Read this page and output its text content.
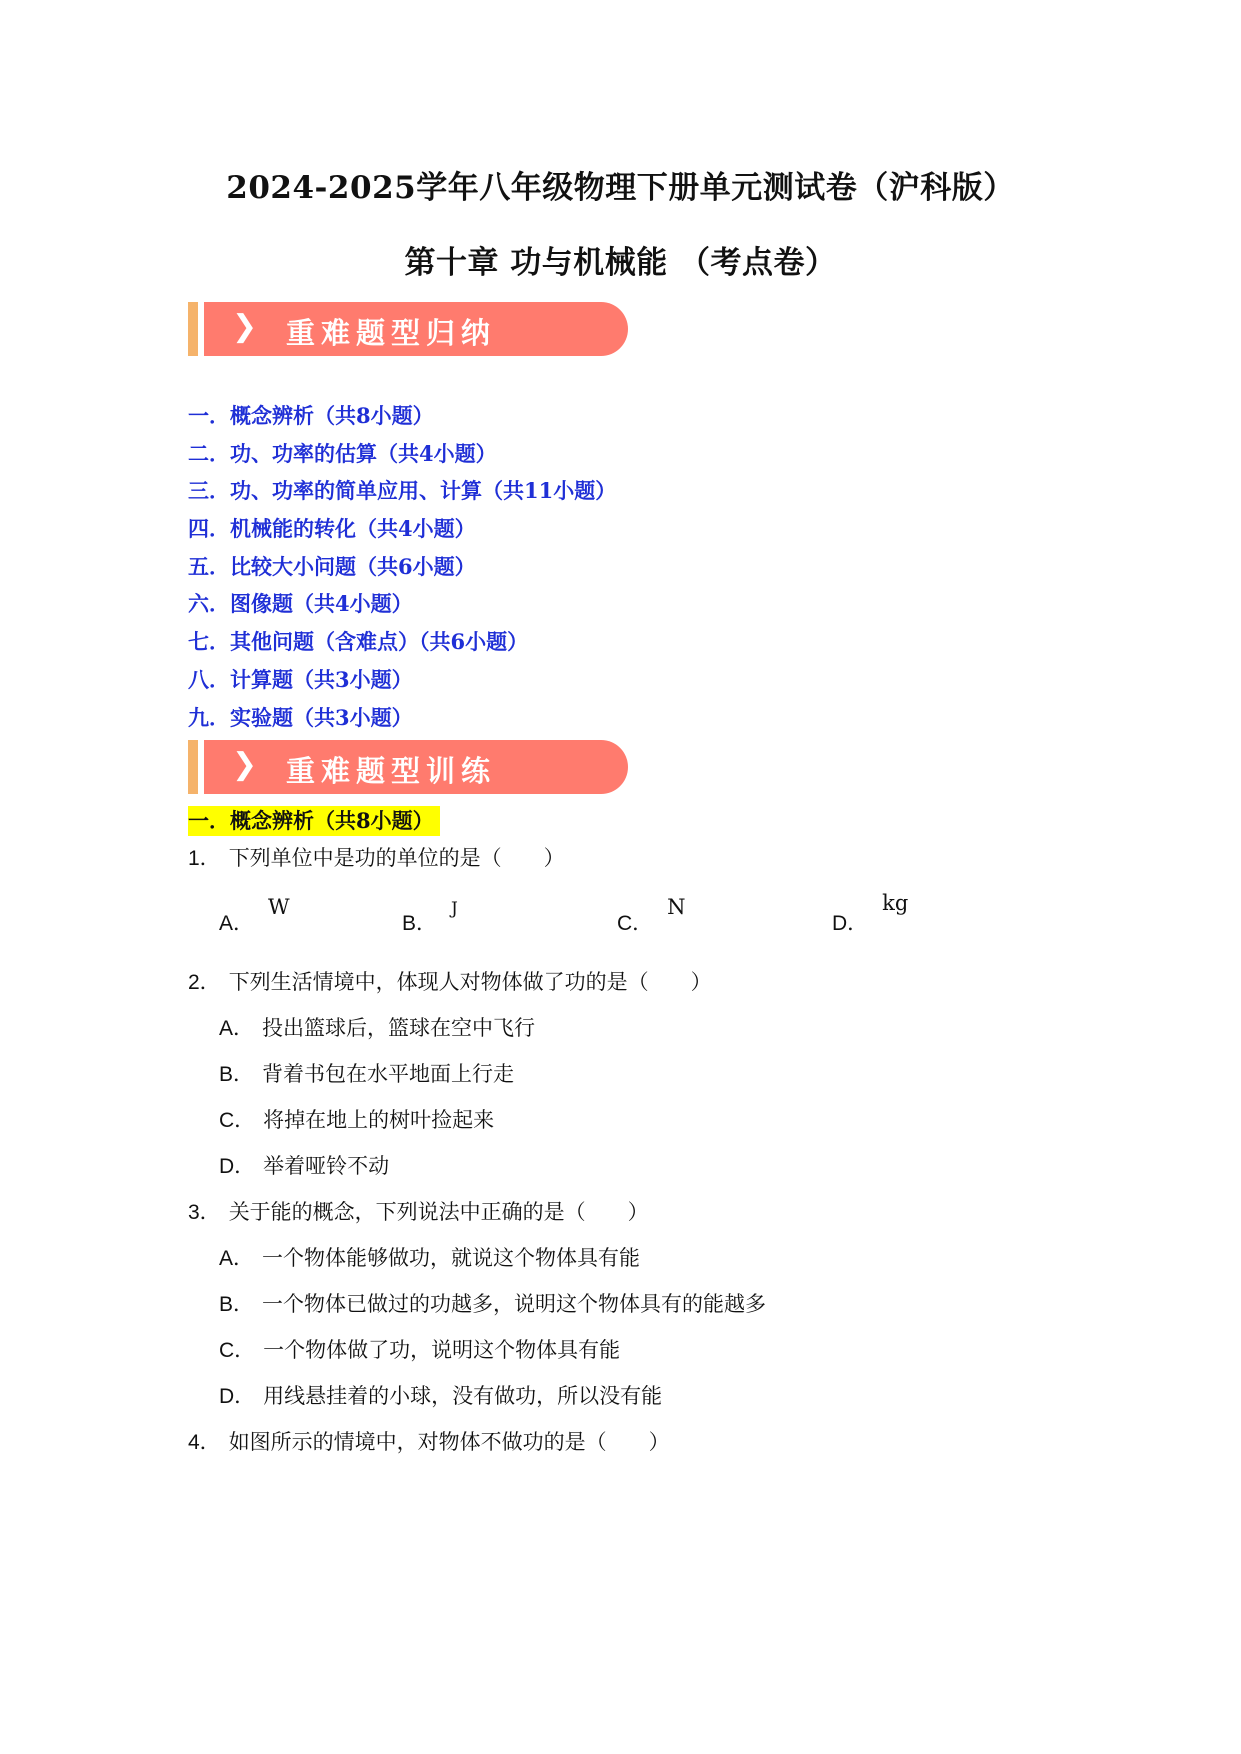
2024-2025学年八年级物理下册单元测试卷（沪科版）
第十章 功与机械能 （考点卷）
❯ 重难题型归纳
一．概念辨析（共8小题）
二．功、功率的估算（共4小题）
三．功、功率的简单应用、计算（共11小题）
四．机械能的转化（共4小题）
五．比较大小问题（共6小题）
六．图像题（共4小题）
七．其他问题（含难点）（共6小题）
八．计算题（共3小题）
九．实验题（共3小题）
❯ 重难题型训练
一．概念辨析（共8小题）
1． 下列单位中是功的单位的是（　　）
A．W
B．$^J$
C．N
D．kg
2． 下列生活情境中，体现人对物体做了功的是（　　）
A． 投出篮球后，篮球在空中飞行
B． 背着书包在水平地面上行走
C． 将掉在地上的树叶捡起来
D． 举着哑铃不动
3． 关于能的概念，下列说法中正确的是（　　）
A． 一个物体能够做功，就说这个物体具有能
B． 一个物体已做过的功越多，说明这个物体具有的能越多
C． 一个物体做了功，说明这个物体具有能
D． 用线悬挂着的小球，没有做功，所以没有能
4． 如图所示的情境中，对物体不做功的是（　　）
